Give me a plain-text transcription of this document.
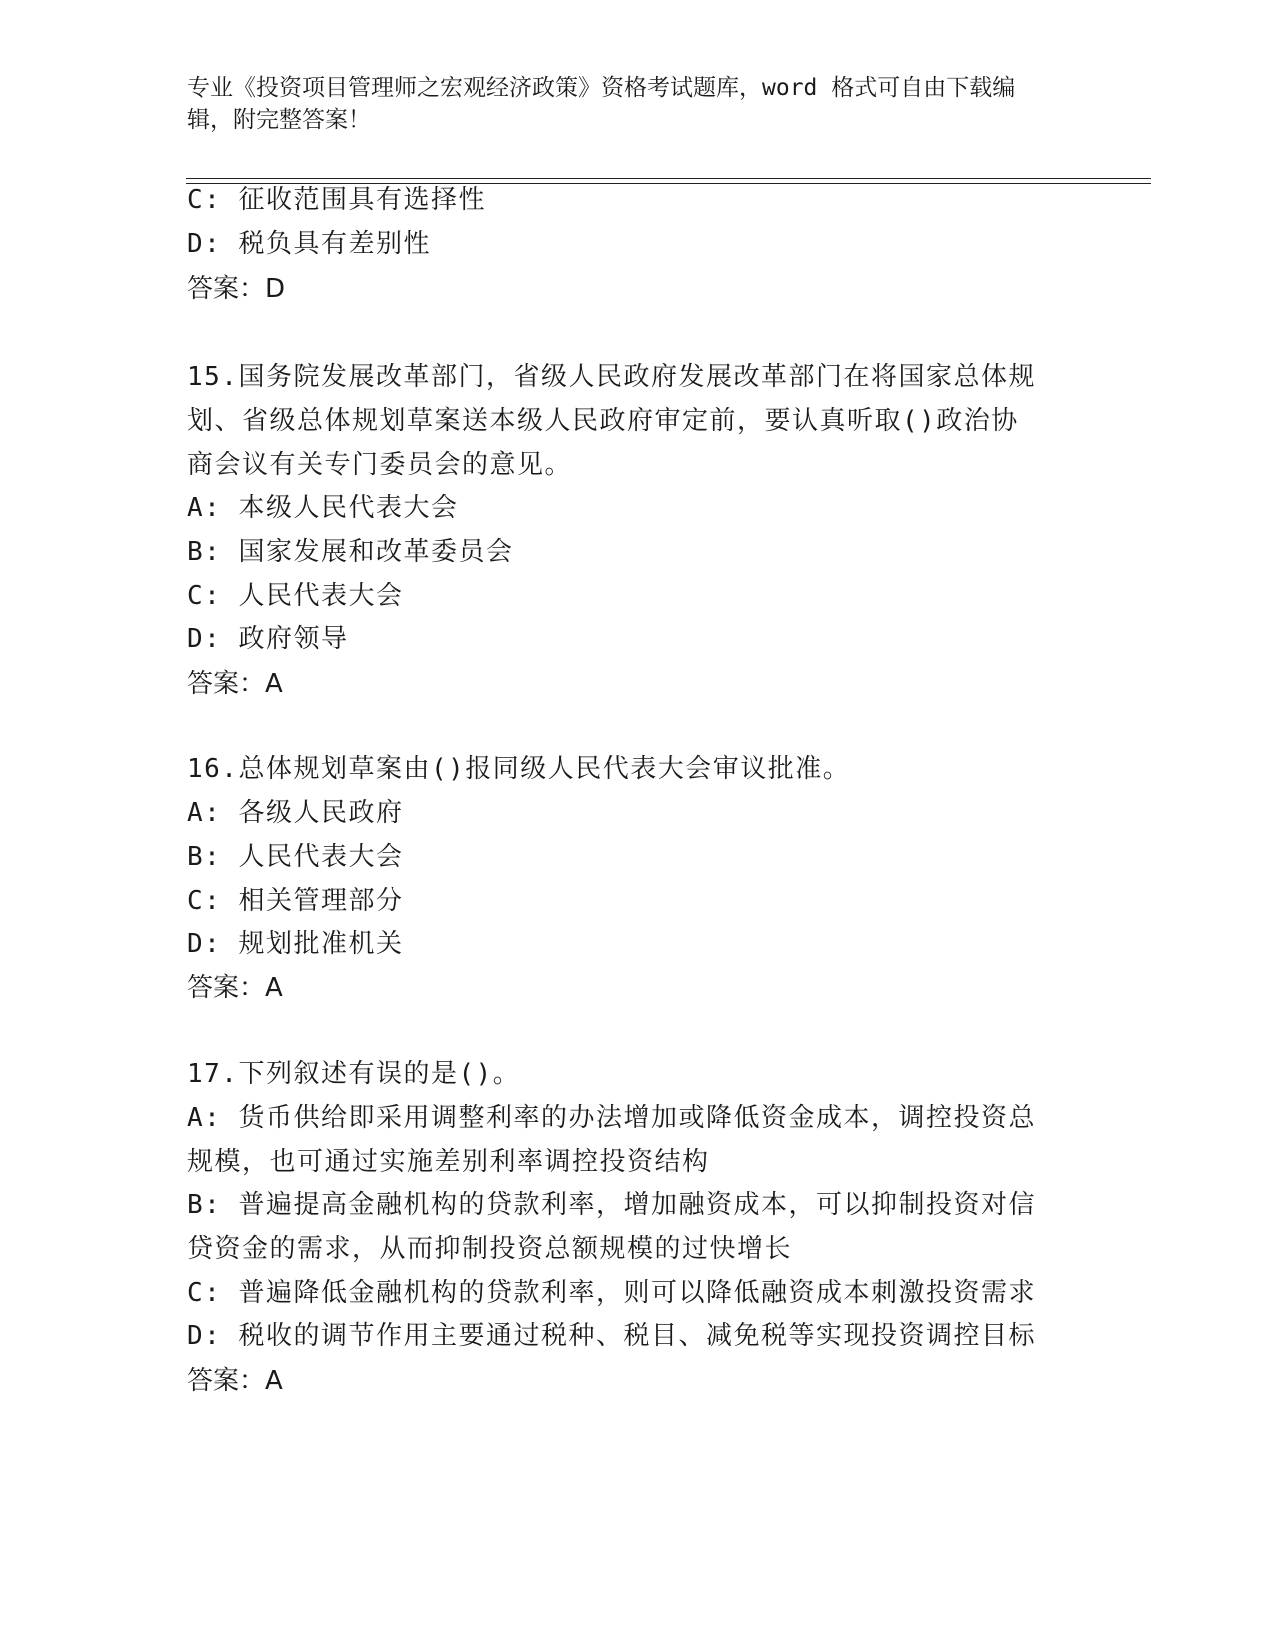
专业《投资项目管理师之宏观经济政策》资格考试题库，word 格式可自由下载编
辑，附完整答案！
C: 征收范围具有选择性
D: 税负具有差别性
答案：D
15.国务院发展改革部门，省级人民政府发展改革部门在将国家总体规
划、省级总体规划草案送本级人民政府审定前，要认真听取()政治协
商会议有关专门委员会的意见。
A: 本级人民代表大会
B: 国家发展和改革委员会
C: 人民代表大会
D: 政府领导
答案：A
16.总体规划草案由()报同级人民代表大会审议批准。
A: 各级人民政府
B: 人民代表大会
C: 相关管理部分
D: 规划批准机关
答案：A
17.下列叙述有误的是()。
A: 货币供给即采用调整利率的办法增加或降低资金成本，调控投资总
规模，也可通过实施差别利率调控投资结构
B: 普遍提高金融机构的贷款利率，增加融资成本，可以抑制投资对信
贷资金的需求，从而抑制投资总额规模的过快增长
C: 普遍降低金融机构的贷款利率，则可以降低融资成本刺激投资需求
D: 税收的调节作用主要通过税种、税目、减免税等实现投资调控目标
答案：A
